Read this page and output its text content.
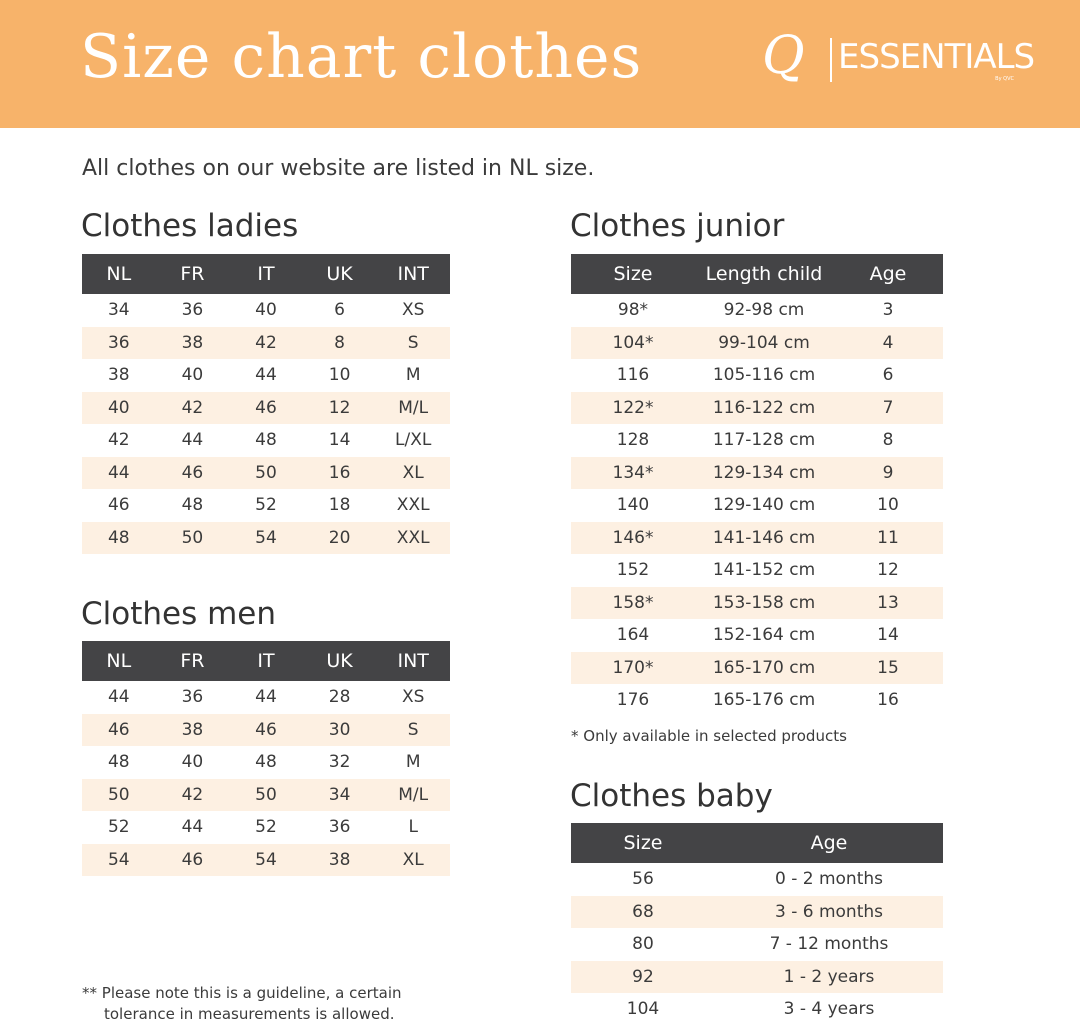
Size chart clothes Q ESSENTIALS
By QVC
All clothes on our website are listed in NL size.
Clothes ladies
NL	FR	IT	UK	INT
34	36	40	6	XS
36	38	42	8	S
38	40	44	10	M
40	42	46	12	M/L
42	44	48	14	L/XL
44	46	50	16	XL
46	48	52	18	XXL
48	50	54	20	XXL
Clothes men
NL	FR	IT	UK	INT
44	36	44	28	XS
46	38	46	30	S
48	40	48	32	M
50	42	50	34	M/L
52	44	52	36	L
54	46	54	38	XL
Clothes junior
Size	Length child	Age
98*	92-98 cm	3
104*	99-104 cm	4
116	105-116 cm	6
122*	116-122 cm	7
128	117-128 cm	8
134*	129-134 cm	9
140	129-140 cm	10
146*	141-146 cm	11
152	141-152 cm	12
158*	153-158 cm	13
164	152-164 cm	14
170*	165-170 cm	15
176	165-176 cm	16
* Only available in selected products
Clothes baby
Size	Age
56	0 - 2 months
68	3 - 6 months
80	7 - 12 months
92	1 - 2 years
104	3 - 4 years
** Please note this is a guideline, a certain
tolerance in measurements is allowed.
